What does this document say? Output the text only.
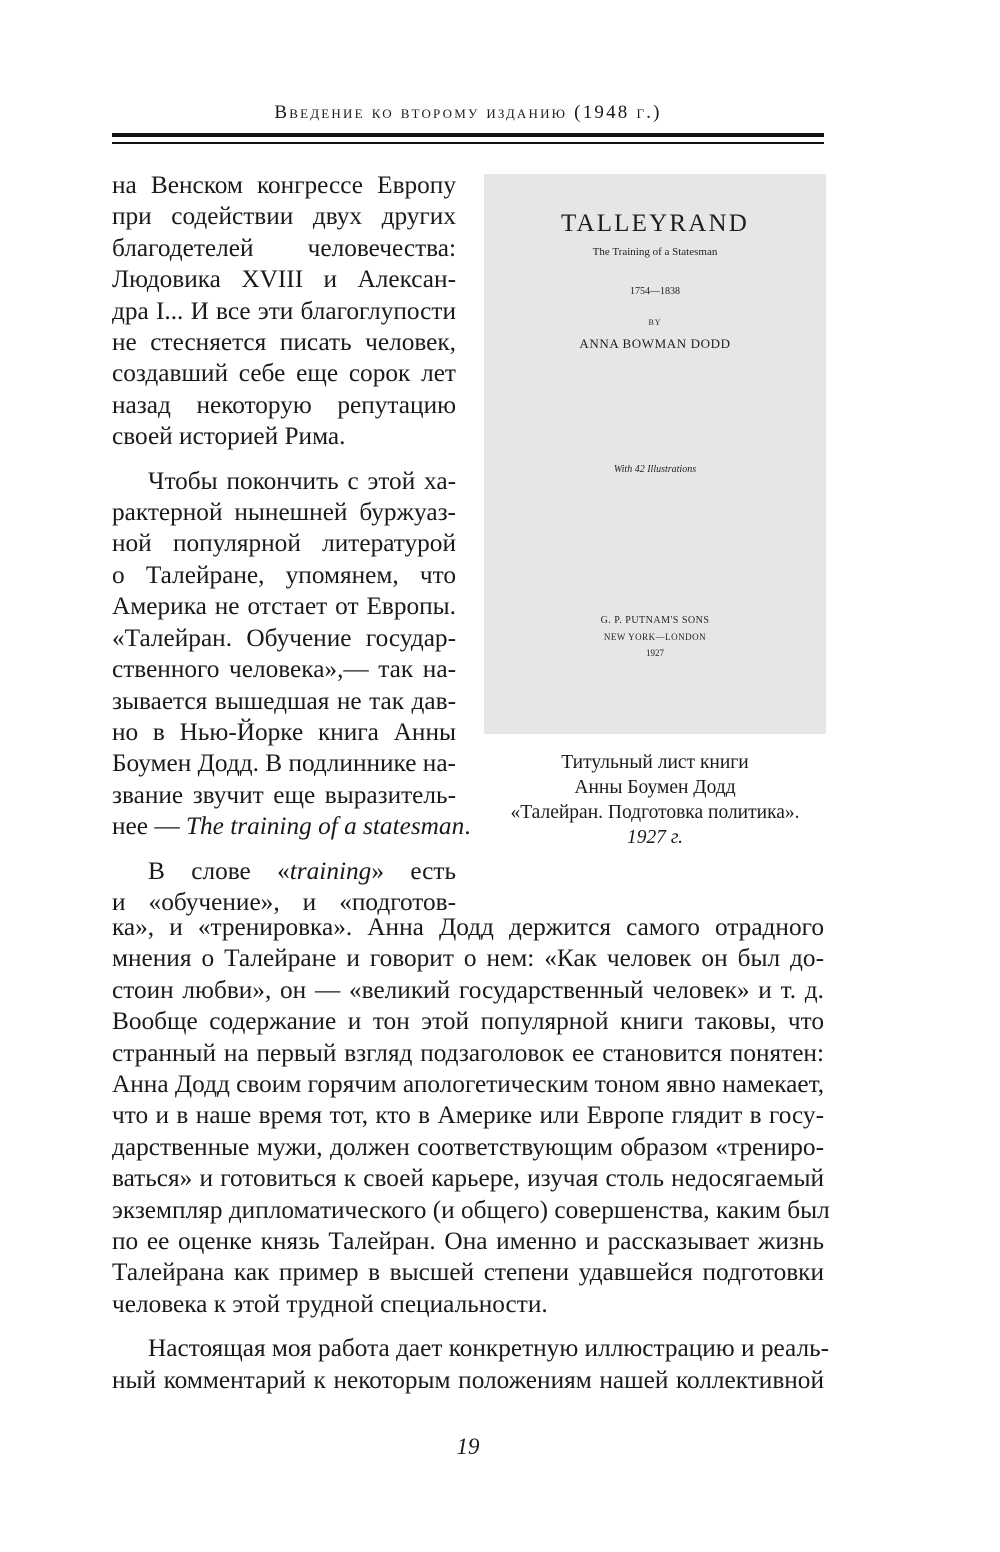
Введение ко второму изданию (1948 г.)
на Венском конгрессе Европу
при содействии двух других
благодетелей человечества:
Людовика XVIII и Алексан-
дра I... И все эти благоглупости
не стесняется писать человек,
создавший себе еще сорок лет
назад некоторую репутацию
своей историей Рима.
Чтобы покончить с этой ха-
рактерной нынешней буржуаз-
ной популярной литературой
о Талейране, упомянем, что
Америка не отстает от Европы.
«Талейран. Обучение государ-
ственного человека»,— так на-
зывается вышедшая не так дав-
но в Нью-Йорке книга Анны
Боумен Додд. В подлиннике на-
звание звучит еще выразитель-
нее — The training of a statesman.
В слове «training» есть
и «обучение», и «подготов-
TALLEYRAND
The Training of a Statesman
1754—1838
BY
ANNA BOWMAN DODD
With 42 Illustrations
G. P. PUTNAM'S SONS
NEW YORK—LONDON
1927
Титульный лист книги
Анны Боумен Додд
«Талейран. Подготовка политика».
1927 г.
ка», и «тренировка». Анна Додд держится самого отрадного
мнения о Талейране и говорит о нем: «Как человек он был до-
стоин любви», он — «великий государственный человек» и т. д.
Вообще содержание и тон этой популярной книги таковы, что
странный на первый взгляд подзаголовок ее становится понятен:
Анна Додд своим горячим апологетическим тоном явно намекает,
что и в наше время тот, кто в Америке или Европе глядит в госу-
дарственные мужи, должен соответствующим образом «трениро-
ваться» и готовиться к своей карьере, изучая столь недосягаемый
экземпляр дипломатического (и общего) совершенства, каким был
по ее оценке князь Талейран. Она именно и рассказывает жизнь
Талейрана как пример в высшей степени удавшейся подготовки
человека к этой трудной специальности.
Настоящая моя работа дает конкретную иллюстрацию и реаль-
ный комментарий к некоторым положениям нашей коллективной
19
